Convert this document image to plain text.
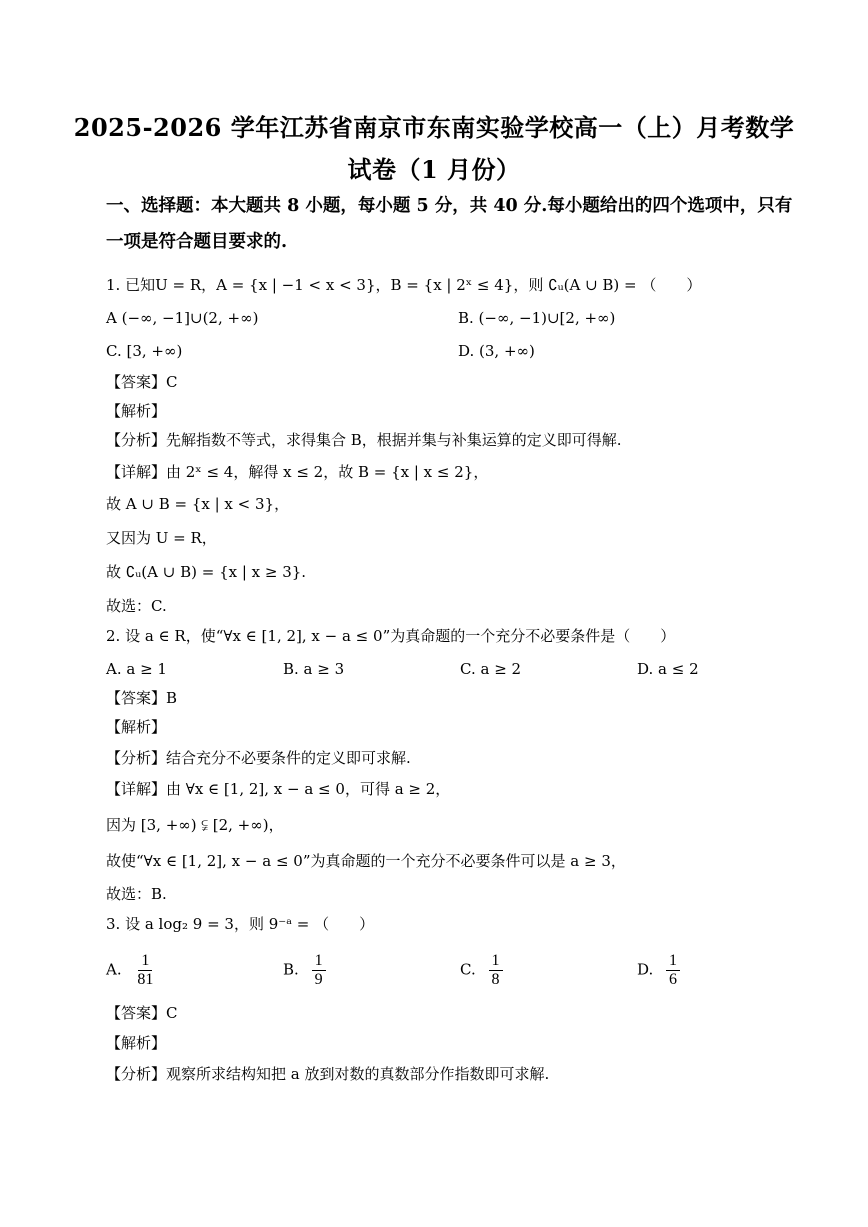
2025-2026 学年江苏省南京市东南实验学校高一（上）月考数学
试卷（1 月份）
一、选择题：本大题共 8 小题，每小题 5 分，共 40 分.每小题给出的四个选项中，只有
一项是符合题目要求的.
1. 已知U = R，A = {x | −1 < x < 3}，B = {x | 2ˣ ≤ 4}，则 ∁ᵤ(A ∪ B) = （　　）
A (−∞, −1]∪(2, +∞)	B. (−∞, −1)∪[2, +∞)
C. [3, +∞)	D. (3, +∞)
【答案】C
【解析】
【分析】先解指数不等式，求得集合 B，根据并集与补集运算的定义即可得解.
【详解】由 2ˣ ≤ 4，解得 x ≤ 2，故 B = {x | x ≤ 2}，
故 A ∪ B = {x | x < 3}，
又因为 U = R，
故 ∁ᵤ(A ∪ B) = {x | x ≥ 3}.
故选：C.
2. 设 a ∈ R，使“∀x ∈ [1, 2], x − a ≤ 0”为真命题的一个充分不必要条件是（　　）
A. a ≥ 1	B. a ≥ 3	C. a ≥ 2	D. a ≤ 2
【答案】B
【解析】
【分析】结合充分不必要条件的定义即可求解.
【详解】由 ∀x ∈ [1, 2], x − a ≤ 0，可得 a ≥ 2，
因为 [3, +∞) ⫋ [2, +∞)，
故使“∀x ∈ [1, 2], x − a ≤ 0”为真命题的一个充分不必要条件可以是 a ≥ 3，
故选：B.
3. 设 a log₂ 9 = 3，则 9⁻ᵃ = （　　）
A. $\frac{1}{81}$	B. $\frac{1}{9}$	C. $\frac{1}{8}$	D. $\frac{1}{6}$
【答案】C
【解析】
【分析】观察所求结构知把 a 放到对数的真数部分作指数即可求解.
